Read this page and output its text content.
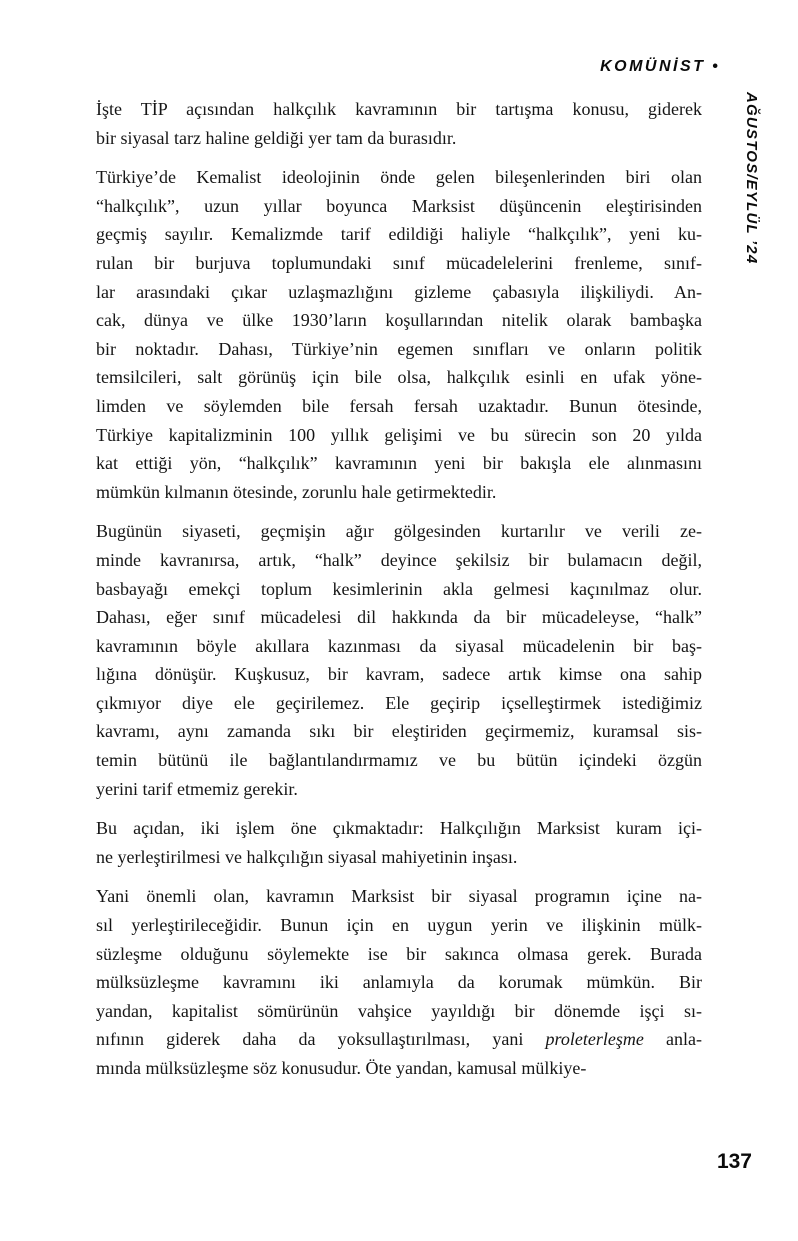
KOMÜNİST •
AĞUSTOS/EYLÜL ’24

İşte TİP açısından halkçılık kavramının bir tartışma konusu, giderek
bir siyasal tarz haline geldiği yer tam da burasıdır.

Türkiye’de Kemalist ideolojinin önde gelen bileşenlerinden biri olan
“halkçılık”, uzun yıllar boyunca Marksist düşüncenin eleştirisinden
geçmiş sayılır. Kemalizmde tarif edildiği haliyle “halkçılık”, yeni ku-
rulan bir burjuva toplumundaki sınıf mücadelelerini frenleme, sınıf-
lar arasındaki çıkar uzlaşmazlığını gizleme çabasıyla ilişkiliydi. An-
cak, dünya ve ülke 1930’ların koşullarından nitelik olarak bambaşka
bir noktadır. Dahası, Türkiye’nin egemen sınıfları ve onların politik
temsilcileri, salt görünüş için bile olsa, halkçılık esinli en ufak yöne-
limden ve söylemden bile fersah fersah uzaktadır. Bunun ötesinde,
Türkiye kapitalizminin 100 yıllık gelişimi ve bu sürecin son 20 yılda
kat ettiği yön, “halkçılık” kavramının yeni bir bakışla ele alınmasını
mümkün kılmanın ötesinde, zorunlu hale getirmektedir.

Bugünün siyaseti, geçmişin ağır gölgesinden kurtarılır ve verili ze-
minde kavranırsa, artık, “halk” deyince şekilsiz bir bulamacın değil,
basbayağı emekçi toplum kesimlerinin akla gelmesi kaçınılmaz olur.
Dahası, eğer sınıf mücadelesi dil hakkında da bir mücadeleyse, “halk”
kavramının böyle akıllara kazınması da siyasal mücadelenin bir baş-
lığına dönüşür. Kuşkusuz, bir kavram, sadece artık kimse ona sahip
çıkmıyor diye ele geçirilemez. Ele geçirip içselleştirmek istediğimiz
kavramı, aynı zamanda sıkı bir eleştiriden geçirmemiz, kuramsal sis-
temin bütünü ile bağlantılandırmamız ve bu bütün içindeki özgün
yerini tarif etmemiz gerekir.

Bu açıdan, iki işlem öne çıkmaktadır: Halkçılığın Marksist kuram içi-
ne yerleştirilmesi ve halkçılığın siyasal mahiyetinin inşası.

Yani önemli olan, kavramın Marksist bir siyasal programın içine na-
sıl yerleştirileceğidir. Bunun için en uygun yerin ve ilişkinin mülk-
süzleşme olduğunu söylemekte ise bir sakınca olmasa gerek. Burada
mülksüzleşme kavramını iki anlamıyla da korumak mümkün. Bir
yandan, kapitalist sömürünün vahşice yayıldığı bir dönemde işçi sı-
nıfının giderek daha da yoksullaştırılması, yani proleterleşme anla-
mında mülksüzleşme söz konusudur. Öte yandan, kamusal mülkiye-

137
